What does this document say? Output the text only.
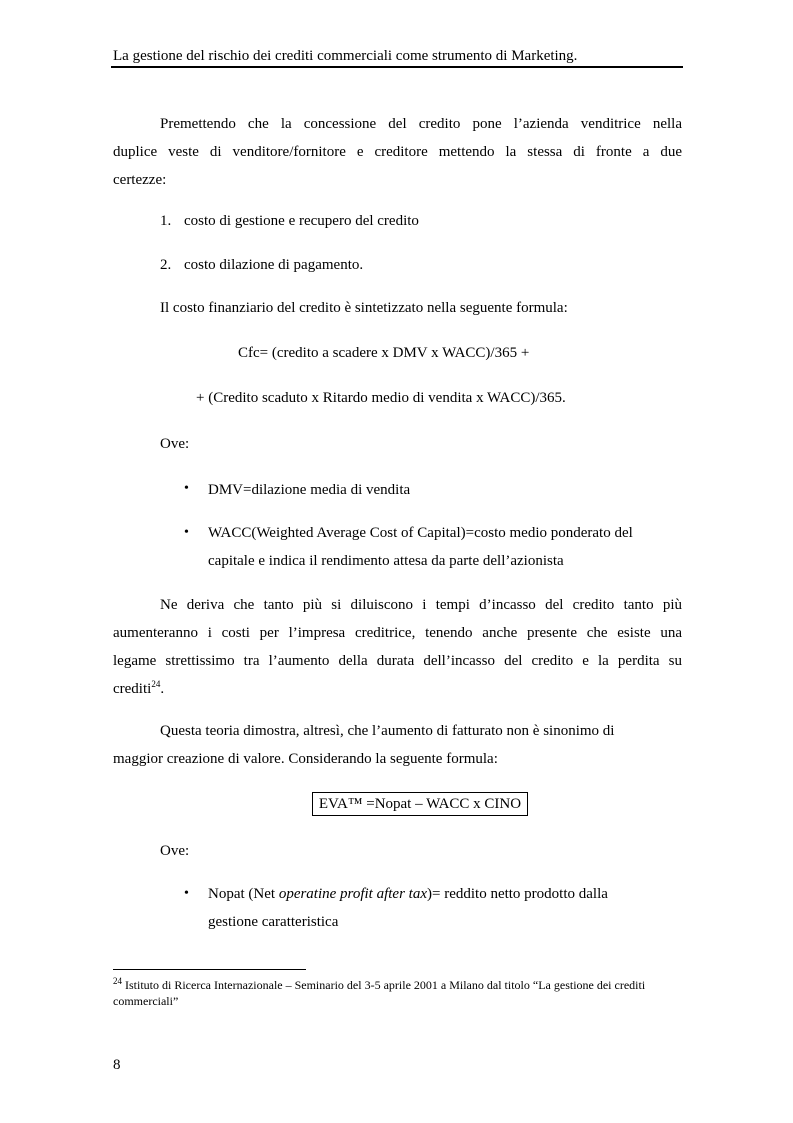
La gestione del rischio dei crediti commerciali come strumento di Marketing.
Premettendo che la concessione del credito pone l’azienda venditrice nella
duplice veste di venditore/fornitore e creditore mettendo la stessa di fronte a due
certezze:
1. costo di gestione e recupero del credito
2. costo dilazione di pagamento.
Il costo finanziario del credito è sintetizzato nella seguente formula:
Cfc= (credito a scadere x DMV x WACC)/365 +
+ (Credito scaduto x Ritardo medio di vendita x WACC)/365.
Ove:
• DMV=dilazione media di vendita
• WACC(Weighted Average Cost of Capital)=costo medio ponderato del
capitale e indica il rendimento attesa da parte dell’azionista
Ne deriva che tanto più si diluiscono i tempi d’incasso del credito tanto più
aumenteranno i costi per l’impresa creditrice, tenendo anche presente che esiste una
legame strettissimo tra l’aumento della durata dell’incasso del credito e la perdita su
crediti$^{24}$.
Questa teoria dimostra, altresì, che l’aumento di fatturato non è sinonimo di
maggior creazione di valore. Considerando la seguente formula:
EVA™ =Nopat – WACC x CINO
Ove:
• Nopat (Net operatine profit after tax)= reddito netto prodotto dalla
gestione caratteristica
$^{24}$ Istituto di Ricerca Internazionale – Seminario del 3-5 aprile 2001 a Milano dal titolo “La gestione dei crediti commerciali”
8
